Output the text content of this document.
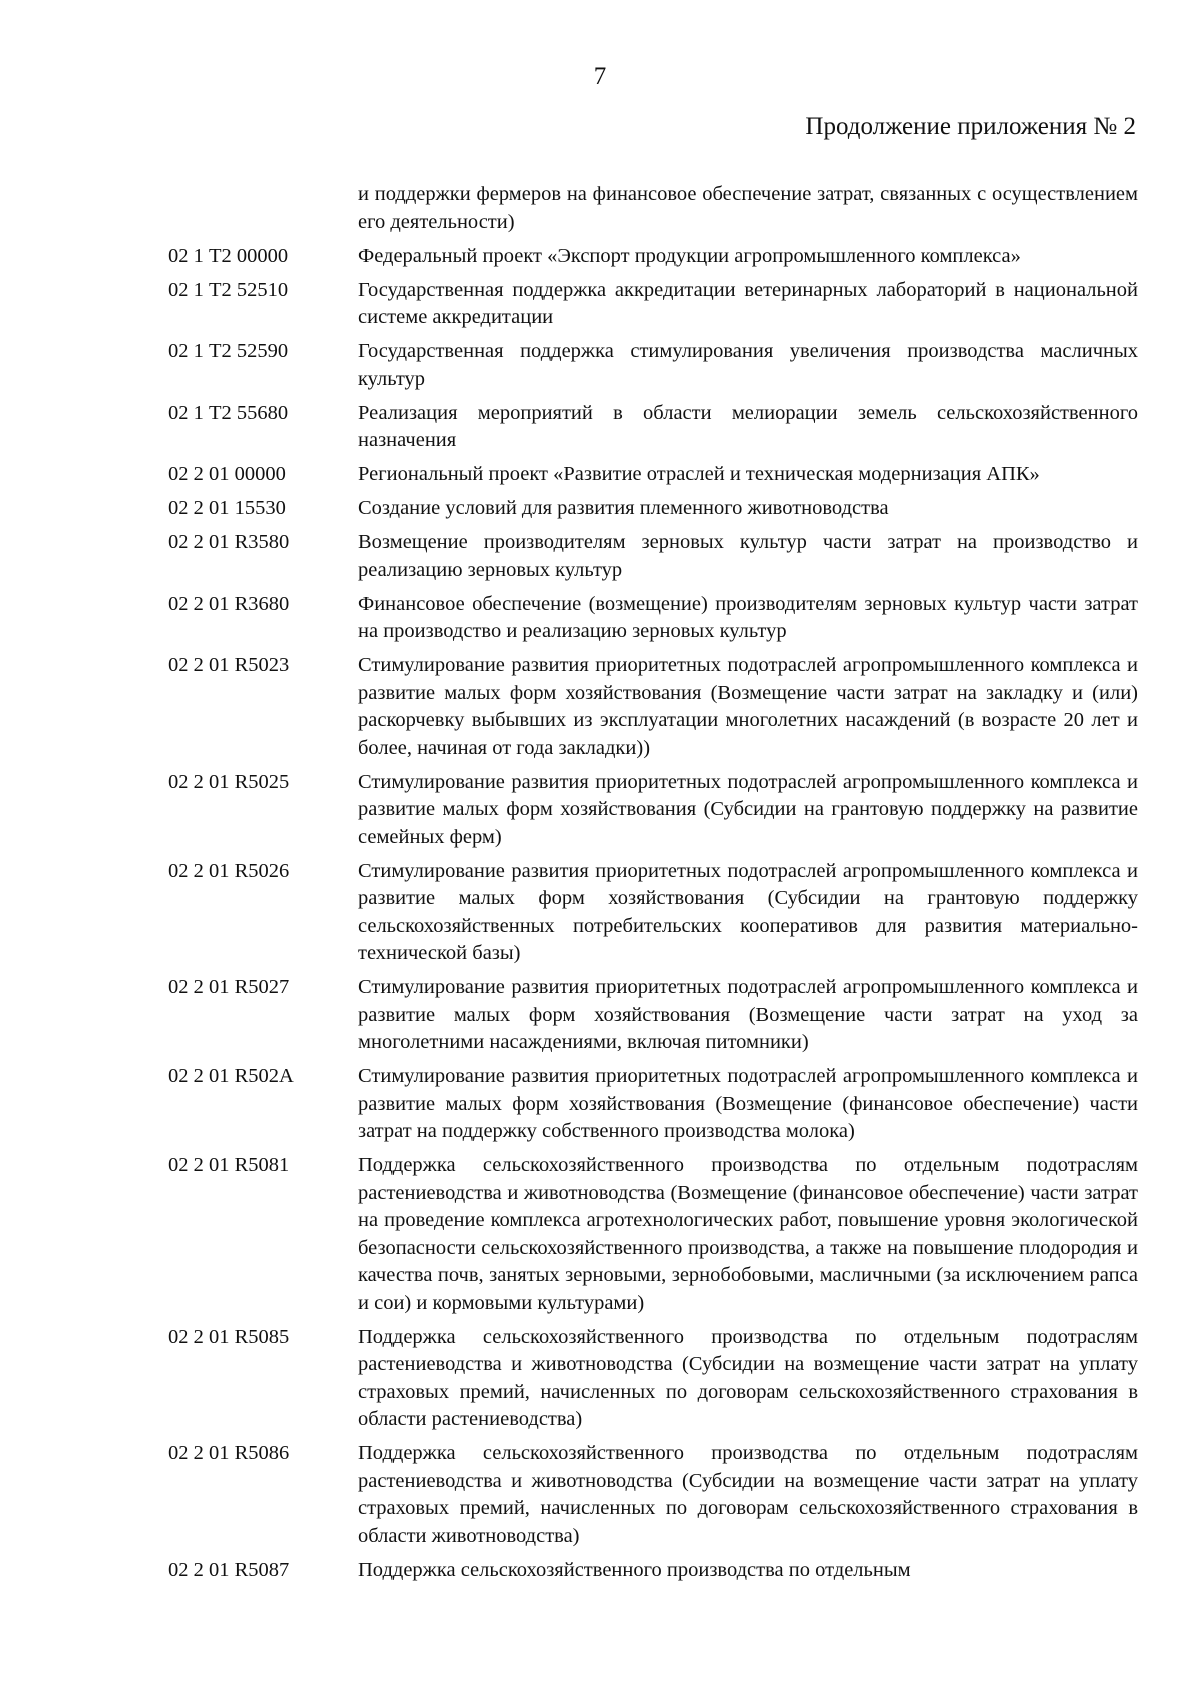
7
Продолжение приложения № 2
и поддержки фермеров на финансовое обеспечение затрат, связанных с осуществлением его деятельности)
02 1 Т2 00000	Федеральный проект «Экспорт продукции агропромышленного комплекса»
02 1 Т2 52510	Государственная поддержка аккредитации ветеринарных лабораторий в национальной системе аккредитации
02 1 Т2 52590	Государственная поддержка стимулирования увеличения производства масличных культур
02 1 Т2 55680	Реализация мероприятий в области мелиорации земель сельскохозяйственного назначения
02 2 01 00000	Региональный проект «Развитие отраслей и техническая модернизация АПК»
02 2 01 15530	Создание условий для развития племенного животноводства
02 2 01 R3580	Возмещение производителям зерновых культур части затрат на производство и реализацию зерновых культур
02 2 01 R3680	Финансовое обеспечение (возмещение) производителям зерновых культур части затрат на производство и реализацию зерновых культур
02 2 01 R5023	Стимулирование развития приоритетных подотраслей агропромышленного комплекса и развитие малых форм хозяйствования (Возмещение части затрат на закладку и (или) раскорчевку выбывших из эксплуатации многолетних насаждений (в возрасте 20 лет и более, начиная от года закладки))
02 2 01 R5025	Стимулирование развития приоритетных подотраслей агропромышленного комплекса и развитие малых форм хозяйствования (Субсидии на грантовую поддержку на развитие семейных ферм)
02 2 01 R5026	Стимулирование развития приоритетных подотраслей агропромышленного комплекса и развитие малых форм хозяйствования (Субсидии на грантовую поддержку сельскохозяйственных потребительских кооперативов для развития материально-технической базы)
02 2 01 R5027	Стимулирование развития приоритетных подотраслей агропромышленного комплекса и развитие малых форм хозяйствования (Возмещение части затрат на уход за многолетними насаждениями, включая питомники)
02 2 01 R502A	Стимулирование развития приоритетных подотраслей агропромышленного комплекса и развитие малых форм хозяйствования (Возмещение (финансовое обеспечение) части затрат на поддержку собственного производства молока)
02 2 01 R5081	Поддержка сельскохозяйственного производства по отдельным подотраслям растениеводства и животноводства (Возмещение (финансовое обеспечение) части затрат на проведение комплекса агротехнологических работ, повышение уровня экологической безопасности сельскохозяйственного производства, а также на повышение плодородия и качества почв, занятых зерновыми, зернобобовыми, масличными (за исключением рапса и сои) и кормовыми культурами)
02 2 01 R5085	Поддержка сельскохозяйственного производства по отдельным подотраслям растениеводства и животноводства (Субсидии на возмещение части затрат на уплату страховых премий, начисленных по договорам сельскохозяйственного страхования в области растениеводства)
02 2 01 R5086	Поддержка сельскохозяйственного производства по отдельным подотраслям растениеводства и животноводства (Субсидии на возмещение части затрат на уплату страховых премий, начисленных по договорам сельскохозяйственного страхования в области животноводства)
02 2 01 R5087	Поддержка сельскохозяйственного производства по отдельным
